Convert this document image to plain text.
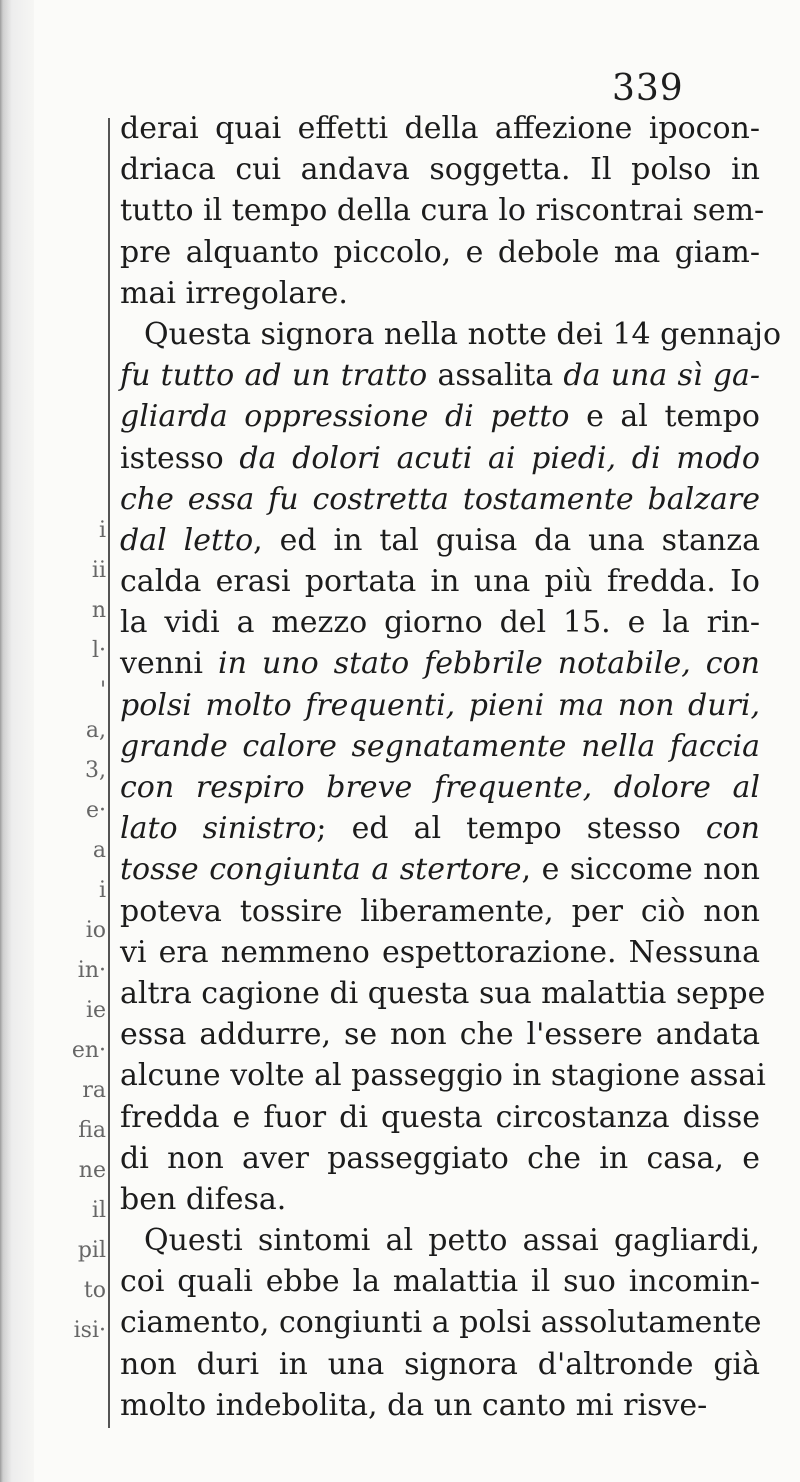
i
ii
n
l·
'
a,
3,
e·
a
i
io
in·
ie
en·
ra
fia
ne
il
pil
to
isi·
339
derai quai effetti della affezione ipocon-
driaca cui andava soggetta. Il polso in
tutto il tempo della cura lo riscontrai sem-
pre alquanto piccolo, e debole ma giam-
mai irregolare.
Questa signora nella notte dei 14 gennajo
fu tutto ad un tratto assalita da una sì ga-
gliarda oppressione di petto e al tempo
istesso da dolori acuti ai piedi, di modo
che essa fu costretta tostamente balzare
dal letto, ed in tal guisa da una stanza
calda erasi portata in una più fredda. Io
la vidi a mezzo giorno del 15. e la rin-
venni in uno stato febbrile notabile, con
polsi molto frequenti, pieni ma non duri,
grande calore segnatamente nella faccia
con respiro breve frequente, dolore al
lato sinistro; ed al tempo stesso con
tosse congiunta a stertore, e siccome non
poteva tossire liberamente, per ciò non
vi era nemmeno espettorazione. Nessuna
altra cagione di questa sua malattia seppe
essa addurre, se non che l'essere andata
alcune volte al passeggio in stagione assai
fredda e fuor di questa circostanza disse
di non aver passeggiato che in casa, e
ben difesa.
Questi sintomi al petto assai gagliardi,
coi quali ebbe la malattia il suo incomin-
ciamento, congiunti a polsi assolutamente
non duri in una signora d'altronde già
molto indebolita, da un canto mi risve-
